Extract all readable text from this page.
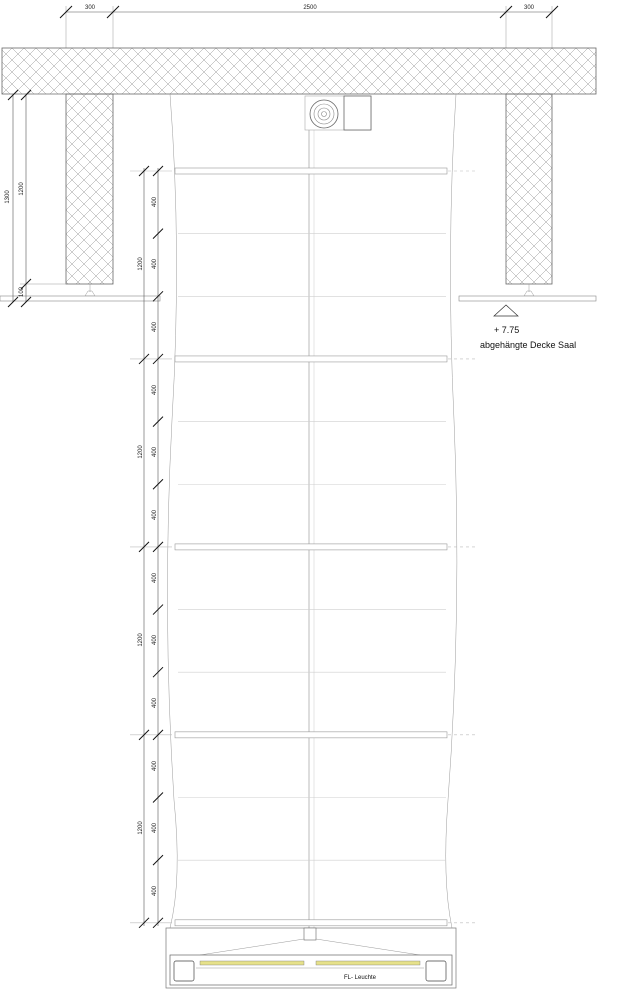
300	2500	300
1300
1200
100
+ 7.75
abgehängte Decke Saal
1200
1200
1200
1200
400
400
400
400
400
400
400
400
400
400
400
400
FL- Leuchte
